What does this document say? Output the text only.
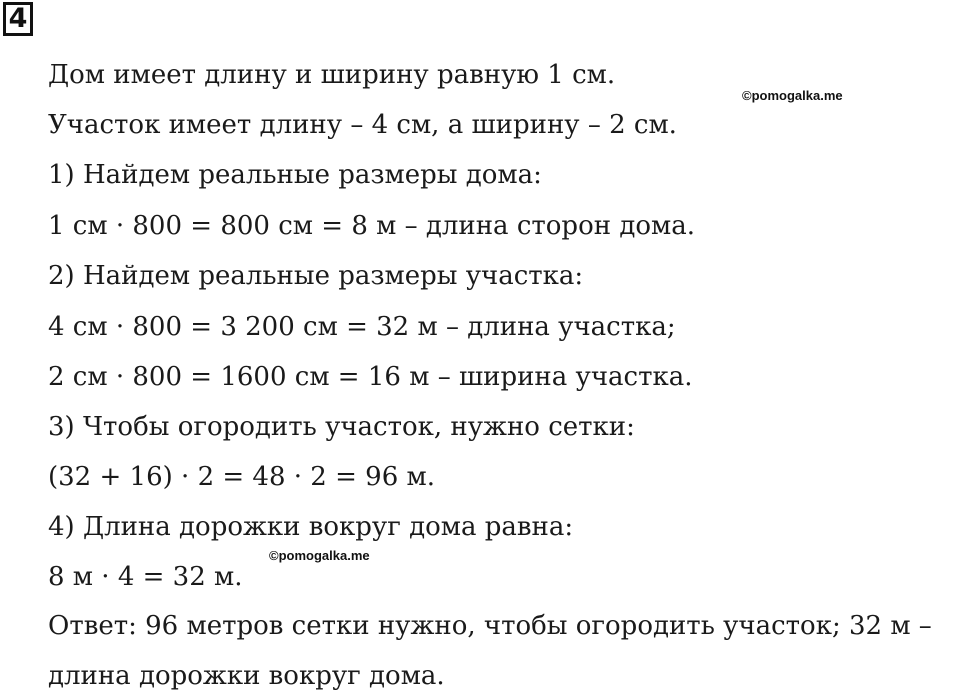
4
©pomogalka.me
©pomogalka.me
Дом имеет длину и ширину равную 1 см.
Участок имеет длину – 4 см, а ширину – 2 см.
1) Найдем реальные размеры дома:
1 см · 800 = 800 см = 8 м – длина сторон дома.
2) Найдем реальные размеры участка:
4 см · 800 = 3 200 см = 32 м – длина участка;
2 см · 800 = 1600 см = 16 м – ширина участка.
3) Чтобы огородить участок, нужно сетки:
(32 + 16) · 2 = 48 · 2 = 96 м.
4) Длина дорожки вокруг дома равна:
8 м · 4 = 32 м.
Ответ: 96 метров сетки нужно, чтобы огородить участок; 32 м –
длина дорожки вокруг дома.
